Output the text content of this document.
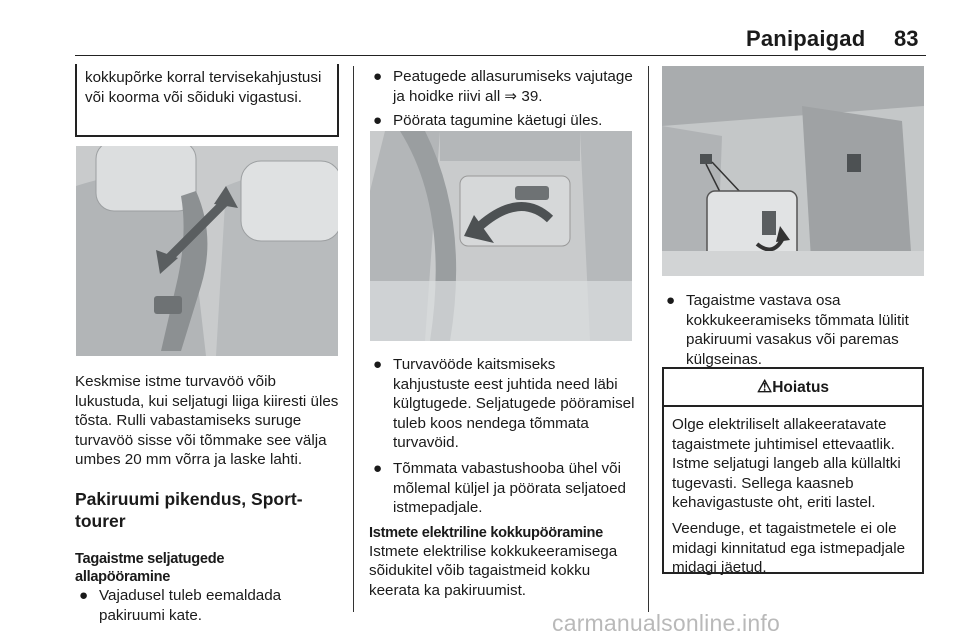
Panipaigad 83

kokkupõrke korral tervisekahjustusi või koorma või sõiduki vigastusi.

Keskmise istme turvavöö võib lukustuda, kui seljatugi liiga kiiresti üles tõsta. Rulli vabastamiseks suruge turvavöö sisse või tõmmake see välja umbes 20 mm võrra ja laske lahti.

Pakiruumi pikendus, Sport-tourer

Tagaistme seljatugede allapööramine

● Vajadusel tuleb eemaldada pakiruumi kate.
● Peatugede allasurumiseks vajutage ja hoidke riivi all ⇒ 39.
● Pöörata tagumine käetugi üles.
● Turvavööde kaitsmiseks kahjustuste eest juhtida need läbi külgtugede. Seljatugede pööramisel tuleb koos nendega tõmmata turvavöid.
● Tõmmata vabastushooba ühel või mõlemal küljel ja pöörata seljatoed istmepadjale.

Istmete elektriline kokkupööramine

Istmete elektrilise kokkukeeramisega sõidukitel võib tagaistmeid kokku keerata ka pakiruumist.

● Tagaistme vastava osa kokkukeeramiseks tõmmata lülitit pakiruumi vasakus või paremas külgseinas.
⚠Hoiatus

Olge elektriliselt allakeeratavate tagaistmete juhtimisel ettevaatlik. Istme seljatugi langeb alla küllaltki tugevasti. Sellega kaasneb kehavigastuste oht, eriti lastel.

Veenduge, et tagaistmetele ei ole midagi kinnitatud ega istmepadjale midagi jäetud.

carmanualsonline.info
